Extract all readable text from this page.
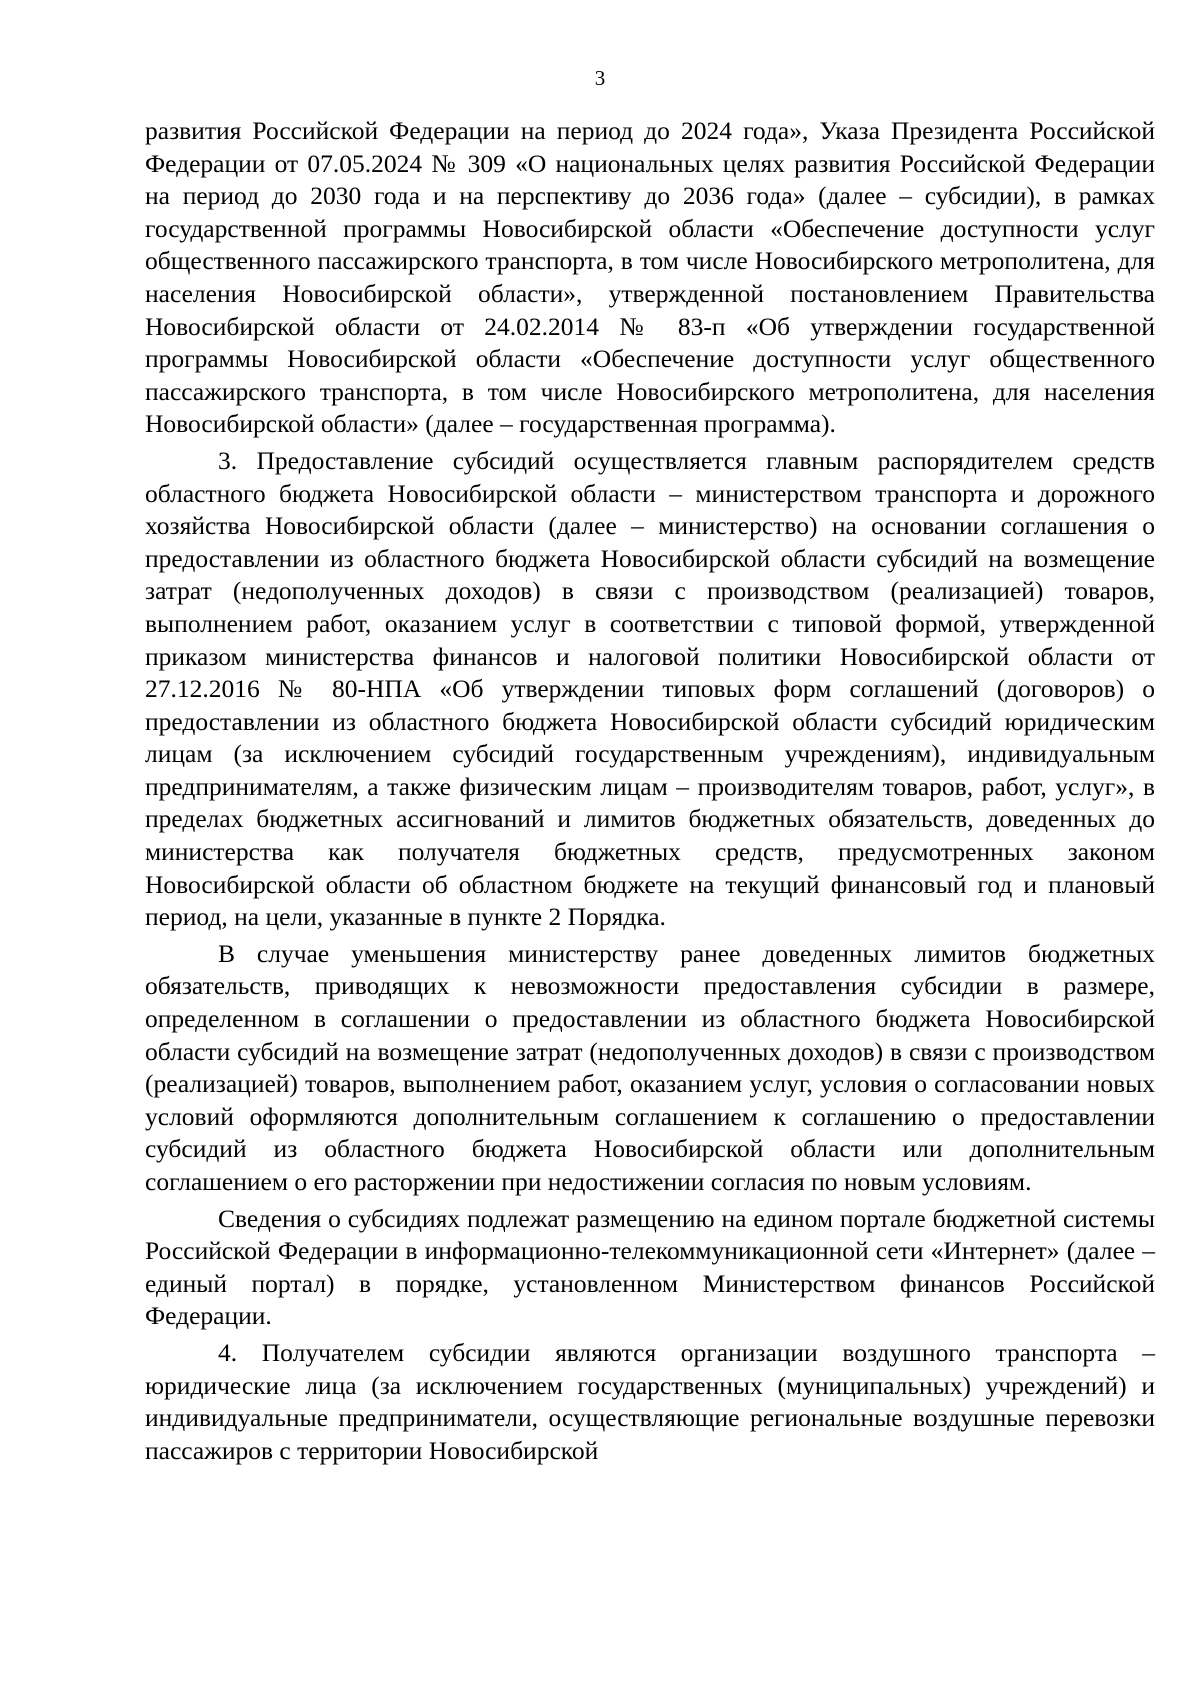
3

развития Российской Федерации на период до 2024 года», Указа Президента Российской Федерации от 07.05.2024 № 309 «О национальных целях развития Российской Федерации на период до 2030 года и на перспективу до 2036 года» (далее – субсидии), в рамках государственной программы Новосибирской области «Обеспечение доступности услуг общественного пассажирского транспорта, в том числе Новосибирского метрополитена, для населения Новосибирской области», утвержденной постановлением Правительства Новосибирской области от 24.02.2014 № 83-п «Об утверждении государственной программы Новосибирской области «Обеспечение доступности услуг общественного пассажирского транспорта, в том числе Новосибирского метрополитена, для населения Новосибирской области» (далее – государственная программа).

3. Предоставление субсидий осуществляется главным распорядителем средств областного бюджета Новосибирской области – министерством транспорта и дорожного хозяйства Новосибирской области (далее – министерство) на основании соглашения о предоставлении из областного бюджета Новосибирской области субсидий на возмещение затрат (недополученных доходов) в связи с производством (реализацией) товаров, выполнением работ, оказанием услуг в соответствии с типовой формой, утвержденной приказом министерства финансов и налоговой политики Новосибирской области от 27.12.2016 № 80-НПА «Об утверждении типовых форм соглашений (договоров) о предоставлении из областного бюджета Новосибирской области субсидий юридическим лицам (за исключением субсидий государственным учреждениям), индивидуальным предпринимателям, а также физическим лицам – производителям товаров, работ, услуг», в пределах бюджетных ассигнований и лимитов бюджетных обязательств, доведенных до министерства как получателя бюджетных средств, предусмотренных законом Новосибирской области об областном бюджете на текущий финансовый год и плановый период, на цели, указанные в пункте 2 Порядка.

В случае уменьшения министерству ранее доведенных лимитов бюджетных обязательств, приводящих к невозможности предоставления субсидии в размере, определенном в соглашении о предоставлении из областного бюджета Новосибирской области субсидий на возмещение затрат (недополученных доходов) в связи с производством (реализацией) товаров, выполнением работ, оказанием услуг, условия о согласовании новых условий оформляются дополнительным соглашением к соглашению о предоставлении субсидий из областного бюджета Новосибирской области или дополнительным соглашением о его расторжении при недостижении согласия по новым условиям.

Сведения о субсидиях подлежат размещению на едином портале бюджетной системы Российской Федерации в информационно-телекоммуникационной сети «Интернет» (далее – единый портал) в порядке, установленном Министерством финансов Российской Федерации.

4. Получателем субсидии являются организации воздушного транспорта – юридические лица (за исключением государственных (муниципальных) учреждений) и индивидуальные предприниматели, осуществляющие региональные воздушные перевозки пассажиров с территории Новосибирской
